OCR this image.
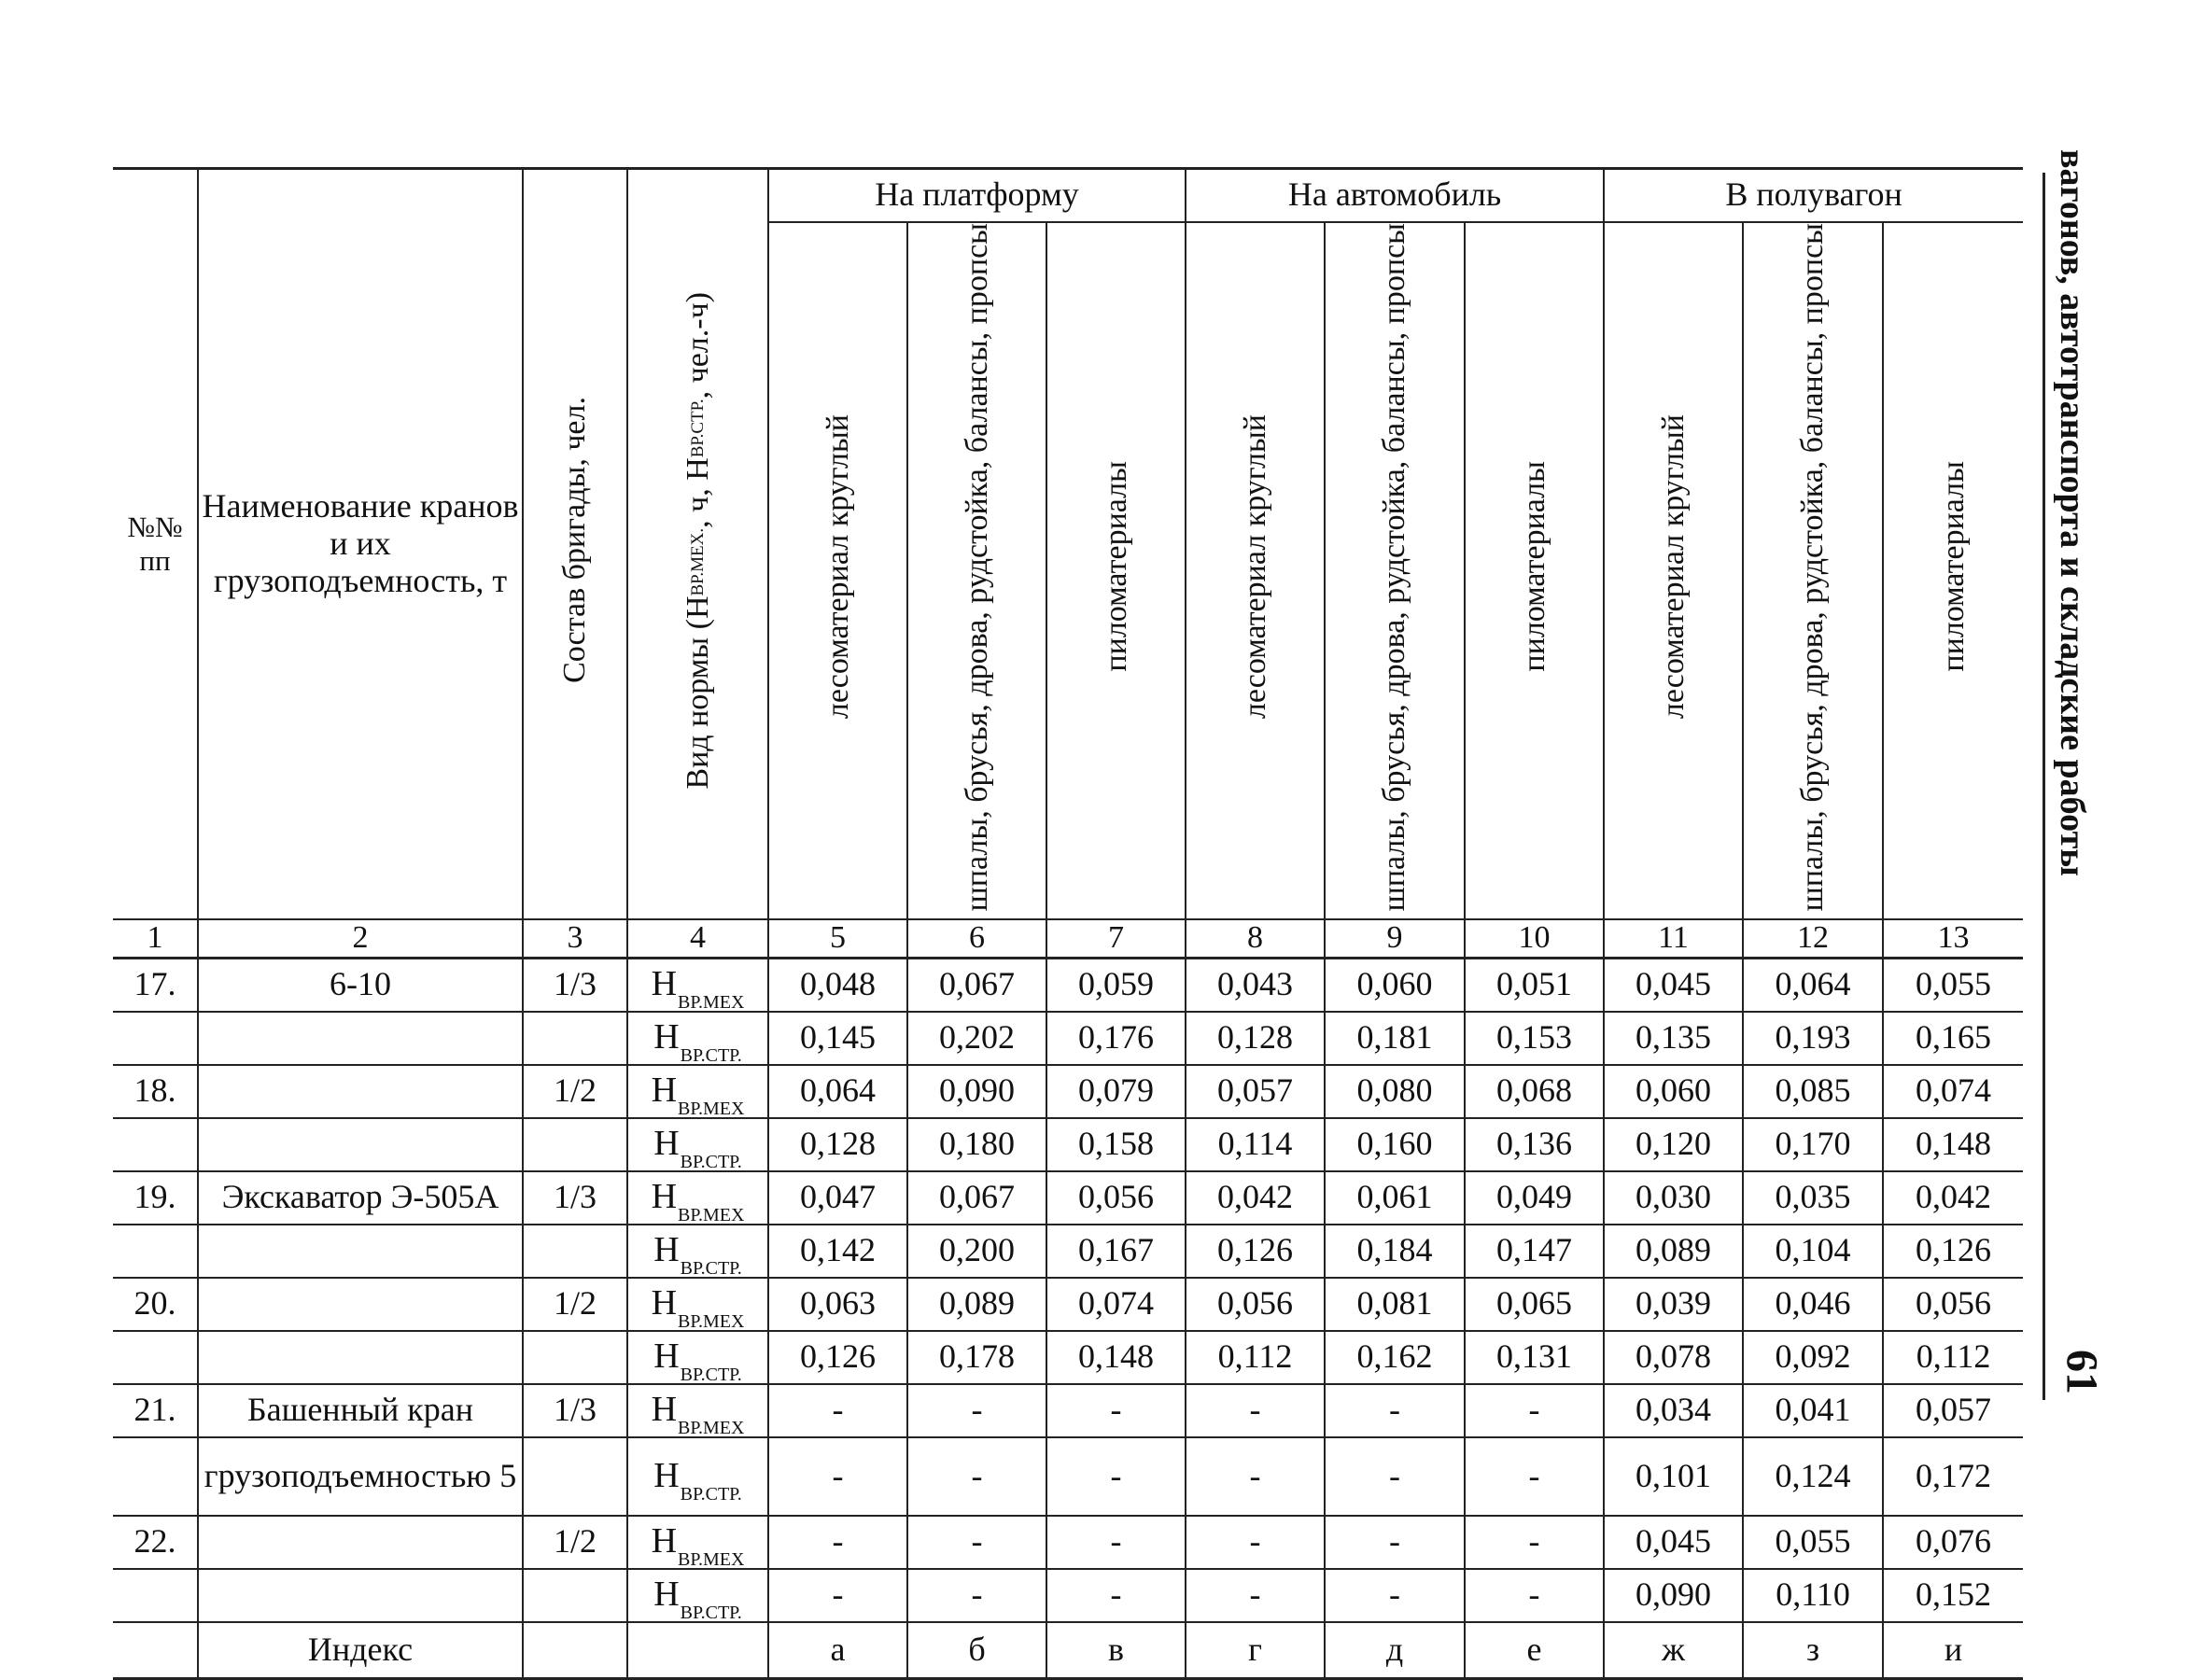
№№ пп	Наименование кранов и их грузоподъемность, т	Состав бригады, чел.	Вид нормы (НВР.МЕХ., ч, НВР.СТР., чел.-ч)	На платформу			На автомобиль			В полувагон		
				лесоматериал круглый	шпалы, брусья, дрова, рудстойка, балансы, пропсы	пиломатериалы	лесоматериал круглый	шпалы, брусья, дрова, рудстойка, балансы, пропсы	пиломатериалы	лесоматериал круглый	шпалы, брусья, дрова, рудстойка, балансы, пропсы	пиломатериалы
1	2	3	4	5	6	7	8	9	10	11	12	13
17.	6-10	1/3	$Н_{ВР.МЕХ}$	0,048	0,067	0,059	0,043	0,060	0,051	0,045	0,064	0,055
			$Н_{ВР.СТР.}$	0,145	0,202	0,176	0,128	0,181	0,153	0,135	0,193	0,165
18.		1/2	$Н_{ВР.МЕХ}$	0,064	0,090	0,079	0,057	0,080	0,068	0,060	0,085	0,074
			$Н_{ВР.СТР.}$	0,128	0,180	0,158	0,114	0,160	0,136	0,120	0,170	0,148
19.	Экскаватор Э-505А	1/3	$Н_{ВР.МЕХ}$	0,047	0,067	0,056	0,042	0,061	0,049	0,030	0,035	0,042
			$Н_{ВР.СТР.}$	0,142	0,200	0,167	0,126	0,184	0,147	0,089	0,104	0,126
20.		1/2	$Н_{ВР.МЕХ}$	0,063	0,089	0,074	0,056	0,081	0,065	0,039	0,046	0,056
			$Н_{ВР.СТР.}$	0,126	0,178	0,148	0,112	0,162	0,131	0,078	0,092	0,112
21.	Башенный кран	1/3	$Н_{ВР.МЕХ}$	-	-	-	-	-	-	0,034	0,041	0,057
	грузоподъемностью 5		$Н_{ВР.СТР.}$	-	-	-	-	-	-	0,101	0,124	0,172
22.		1/2	$Н_{ВР.МЕХ}$	-	-	-	-	-	-	0,045	0,055	0,076
			$Н_{ВР.СТР.}$	-	-	-	-	-	-	0,090	0,110	0,152
	Индекс			а	б	в	г	д	е	ж	з	и
вагонов, автотранспорта и складские работы
61
